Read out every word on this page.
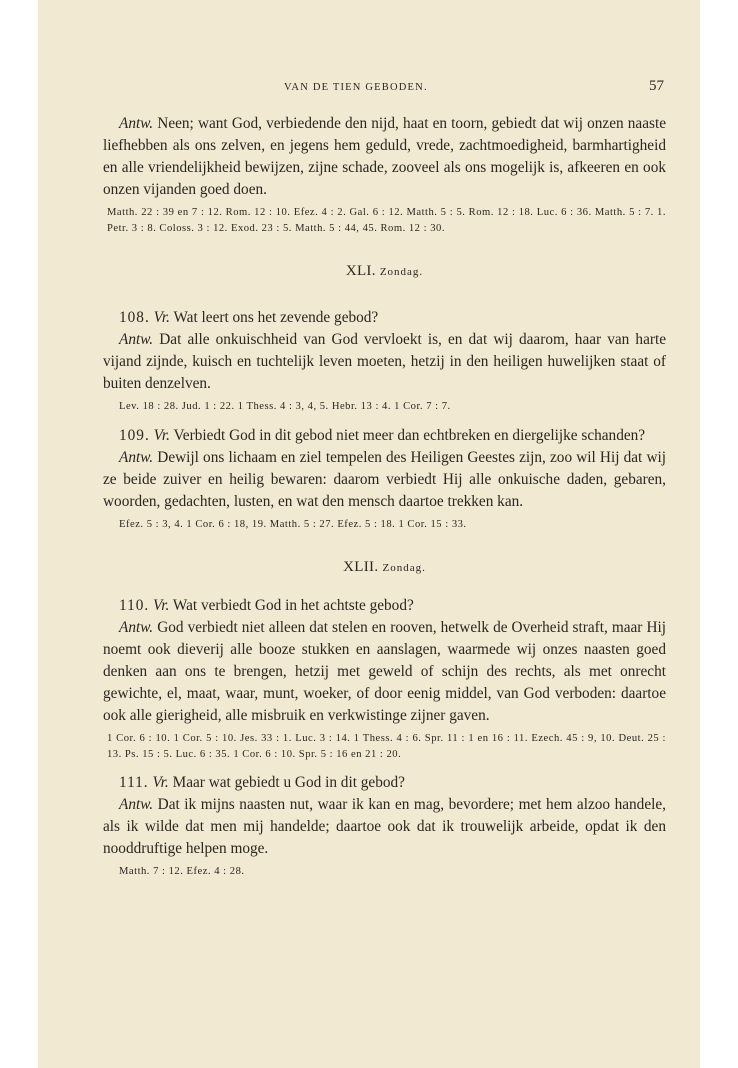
VAN DE TIEN GEBODEN.	57

Antw. Neen; want God, verbiedende den nijd, haat en toorn, gebiedt dat wij onzen naaste liefhebben als ons zelven, en jegens hem geduld, vrede, zachtmoedigheid, barmhartigheid en alle vriendelijkheid bewijzen, zijne schade, zooveel als ons mogelijk is, afkeeren en ook onzen vijanden goed doen.

Matth. 22 : 39 en 7 : 12. Rom. 12 : 10. Efez. 4 : 2. Gal. 6 : 12. Matth. 5 : 5. Rom. 12 : 18. Luc. 6 : 36. Matth. 5 : 7. 1. Petr. 3 : 8. Coloss. 3 : 12. Exod. 23 : 5. Matth. 5 : 44, 45. Rom. 12 : 30.

XLI. Zondag.

108. Vr. Wat leert ons het zevende gebod?

Antw. Dat alle onkuischheid van God vervloekt is, en dat wij daarom, haar van harte vijand zijnde, kuisch en tuchtelijk leven moeten, hetzij in den heiligen huwelijken staat of buiten denzelven.

Lev. 18 : 28. Jud. 1 : 22. 1 Thess. 4 : 3, 4, 5. Hebr. 13 : 4. 1 Cor. 7 : 7.

109. Vr. Verbiedt God in dit gebod niet meer dan echtbreken en diergelijke schanden?

Antw. Dewijl ons lichaam en ziel tempelen des Heiligen Geestes zijn, zoo wil Hij dat wij ze beide zuiver en heilig bewaren: daarom verbiedt Hij alle onkuische daden, gebaren, woorden, gedachten, lusten, en wat den mensch daartoe trekken kan.

Efez. 5 : 3, 4. 1 Cor. 6 : 18, 19. Matth. 5 : 27. Efez. 5 : 18. 1 Cor. 15 : 33.

XLII. Zondag.

110. Vr. Wat verbiedt God in het achtste gebod?

Antw. God verbiedt niet alleen dat stelen en rooven, hetwelk de Overheid straft, maar Hij noemt ook dieverij alle booze stukken en aanslagen, waarmede wij onzes naasten goed denken aan ons te brengen, hetzij met geweld of schijn des rechts, als met onrecht gewichte, el, maat, waar, munt, woeker, of door eenig middel, van God verboden: daartoe ook alle gierigheid, alle misbruik en verkwistinge zijner gaven.

1 Cor. 6 : 10. 1 Cor. 5 : 10. Jes. 33 : 1. Luc. 3 : 14. 1 Thess. 4 : 6. Spr. 11 : 1 en 16 : 11. Ezech. 45 : 9, 10. Deut. 25 : 13. Ps. 15 : 5. Luc. 6 : 35. 1 Cor. 6 : 10. Spr. 5 : 16 en 21 : 20.

111. Vr. Maar wat gebiedt u God in dit gebod?

Antw. Dat ik mijns naasten nut, waar ik kan en mag, bevordere; met hem alzoo handele, als ik wilde dat men mij handelde; daartoe ook dat ik trouwelijk arbeide, opdat ik den nooddruftige helpen moge.

Matth. 7 : 12. Efez. 4 : 28.
